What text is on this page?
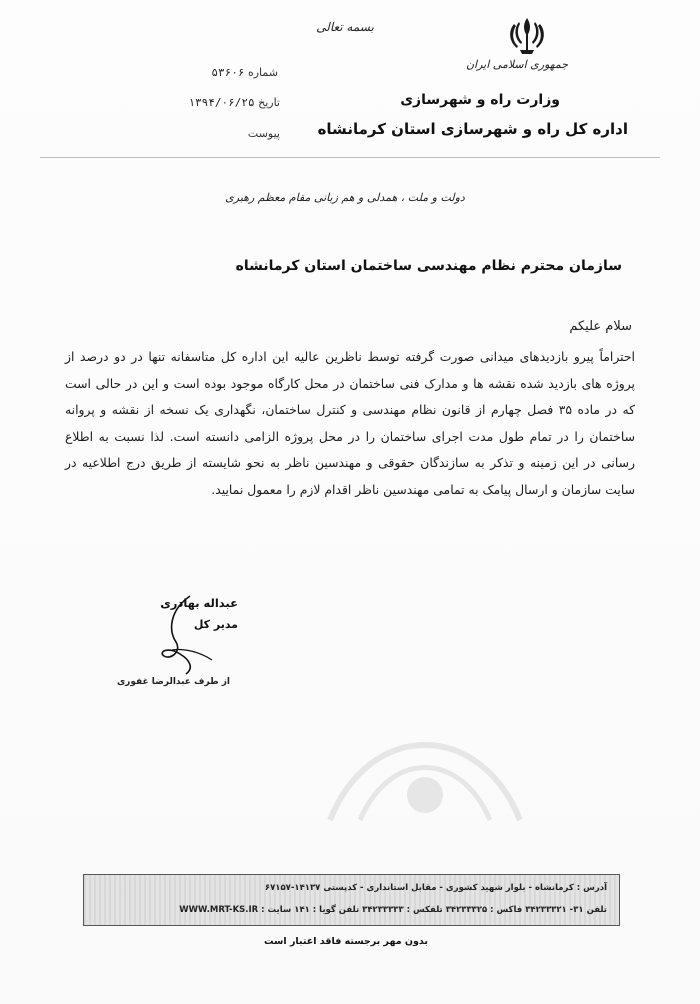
بسمه تعالی
جمهوری اسلامی ایران
وزارت راه و شهرسازی
اداره کل راه و شهرسازی استان کرمانشاه
شماره ۵۳۶۰۶
تاریخ ۱۳۹۴/۰۶/۲۵
پیوست
دولت و ملت ، همدلی و هم زبانی مقام معظم رهبری
سازمان محترم نظام مهندسی ساختمان استان کرمانشاه
سلام علیکم
احتراماً پیرو بازدیدهای میدانی صورت گرفته توسط ناظرین عالیه این اداره کل متاسفانه تنها در دو درصد از پروژه های بازدید شده نقشه ها و مدارک فنی ساختمان در محل کارگاه موجود بوده است و این در حالی است که در ماده ۳۵ فصل چهارم از قانون نظام مهندسی و کنترل ساختمان، نگهداری یک نسخه از نقشه و پروانه ساختمان را در تمام طول مدت اجرای ساختمان را در محل پروژه الزامی دانسته است. لذا نسبت به اطلاع رسانی در این زمینه و تذکر به سازندگان حقوقی و مهندسین ناظر به نحو شایسته از طریق درج اطلاعیه در سایت سازمان و ارسال پیامک به تمامی مهندسین ناظر اقدام لازم را معمول نمایید.
عبداله بهادری
مدیر کل
از طرف عبدالرضا غفوری
آدرس : کرمانشاه - بلوار شهید کشوری - مقابل استانداری - کدپستی ۱۴۱۳۷-۶۷۱۵۷
تلفن ۳۱- ۳۴۲۳۳۳۲۱ فاکس : ۳۴۲۳۳۳۲۵ تلفکس : ۳۴۲۳۳۳۳۳ تلفن گویا : ۱۴۱ سایت : WWW.MRT-KS.IR
بدون مهر برجسته فاقد اعتبار است
